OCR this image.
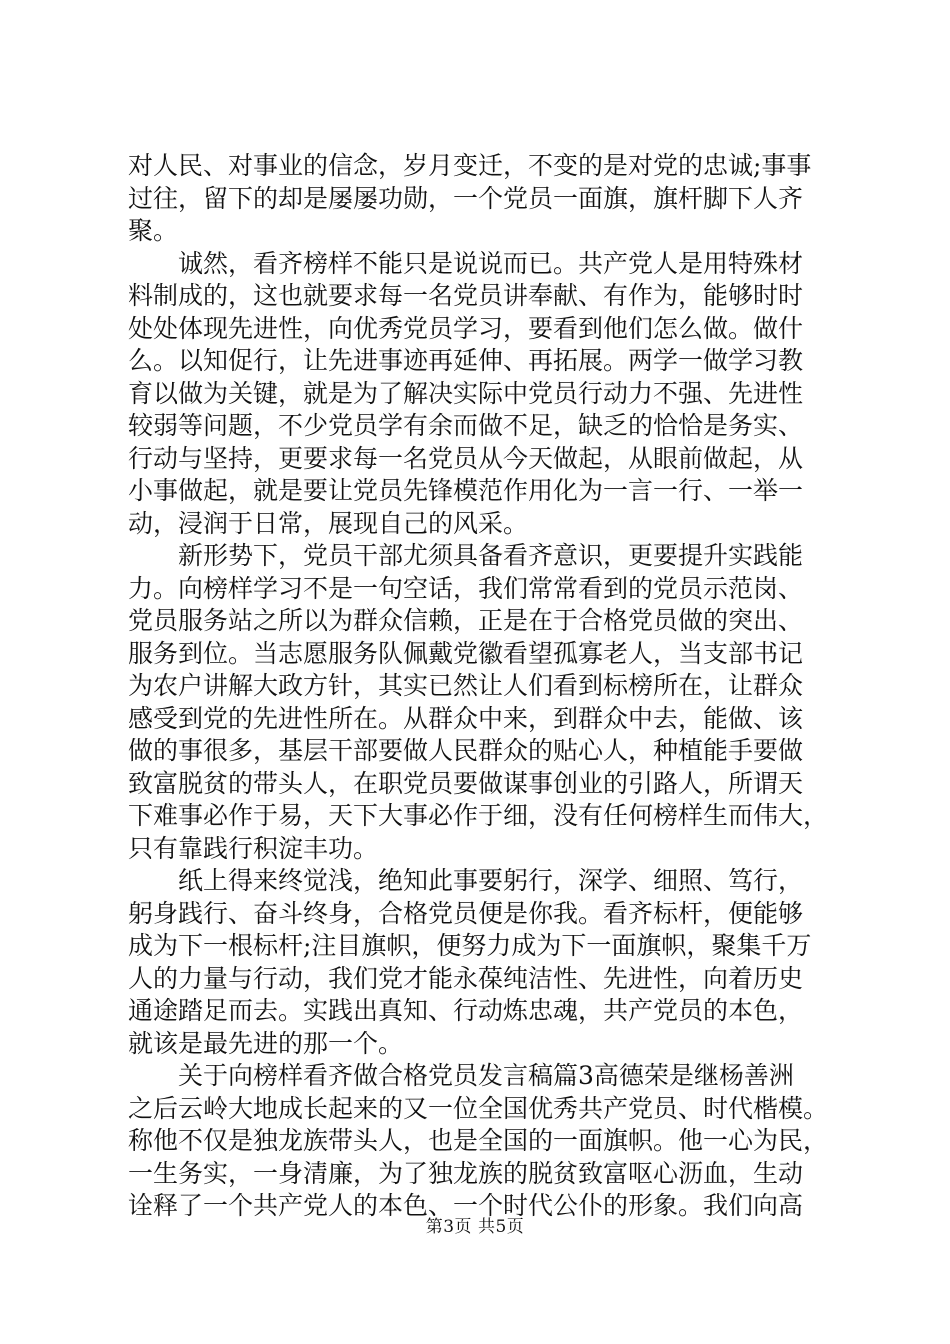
对人民、对事业的信念，岁月变迁，不变的是对党的忠诚;事事
过往，留下的却是屡屡功勋，一个党员一面旗，旗杆脚下人齐
聚。
　　诚然，看齐榜样不能只是说说而已。共产党人是用特殊材
料制成的，这也就要求每一名党员讲奉献、有作为，能够时时
处处体现先进性，向优秀党员学习，要看到他们怎么做。做什
么。以知促行，让先进事迹再延伸、再拓展。两学一做学习教
育以做为关键，就是为了解决实际中党员行动力不强、先进性
较弱等问题，不少党员学有余而做不足，缺乏的恰恰是务实、
行动与坚持，更要求每一名党员从今天做起，从眼前做起，从
小事做起，就是要让党员先锋模范作用化为一言一行、一举一
动，浸润于日常，展现自己的风采。
　　新形势下，党员干部尤须具备看齐意识，更要提升实践能
力。向榜样学习不是一句空话，我们常常看到的党员示范岗、
党员服务站之所以为群众信赖，正是在于合格党员做的突出、
服务到位。当志愿服务队佩戴党徽看望孤寡老人，当支部书记
为农户讲解大政方针，其实已然让人们看到标榜所在，让群众
感受到党的先进性所在。从群众中来，到群众中去，能做、该
做的事很多，基层干部要做人民群众的贴心人，种植能手要做
致富脱贫的带头人，在职党员要做谋事创业的引路人，所谓天
下难事必作于易，天下大事必作于细，没有任何榜样生而伟大，
只有靠践行积淀丰功。
　　纸上得来终觉浅，绝知此事要躬行，深学、细照、笃行，
躬身践行、奋斗终身，合格党员便是你我。看齐标杆，便能够
成为下一根标杆;注目旗帜，便努力成为下一面旗帜，聚集千万
人的力量与行动，我们党才能永葆纯洁性、先进性，向着历史
通途踏足而去。实践出真知、行动炼忠魂，共产党员的本色，
就该是最先进的那一个。
　　关于向榜样看齐做合格党员发言稿篇3高德荣是继杨善洲
之后云岭大地成长起来的又一位全国优秀共产党员、时代楷模。
称他不仅是独龙族带头人，也是全国的一面旗帜。他一心为民，
一生务实，一身清廉，为了独龙族的脱贫致富呕心沥血，生动
诠释了一个共产党人的本色、一个时代公仆的形象。我们向高
第3页 共5页
